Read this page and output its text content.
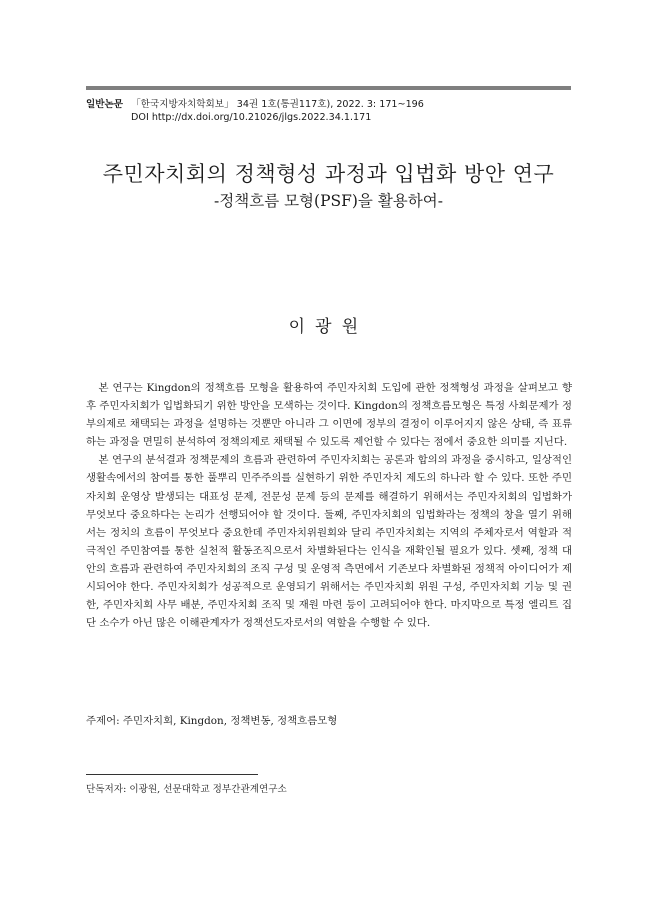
일반논문 「한국지방자치학회보」 34권 1호(통권117호), 2022. 3: 171~196
DOI http://dx.doi.org/10.21026/jlgs.2022.34.1.171
주민자치회의 정책형성 과정과 입법화 방안 연구
-정책흐름 모형(PSF)을 활용하여-
이광원

본 연구는 Kingdon의 정책흐름 모형을 활용하여 주민자치회 도입에 관한 정책형성 과정을 살펴보고 향후 주민자치회가 입법화되기 위한 방안을 모색하는 것이다. Kingdon의 정책흐름모형은 특정 사회문제가 정부의제로 채택되는 과정을 설명하는 것뿐만 아니라 그 이면에 정부의 결정이 이루어지지 않은 상태, 즉 표류하는 과정을 면밀히 분석하여 정책의제로 채택될 수 있도록 제언할 수 있다는 점에서 중요한 의미를 지닌다.

본 연구의 분석결과 정책문제의 흐름과 관련하여 주민자치회는 공론과 합의의 과정을 중시하고, 일상적인 생활속에서의 참여를 통한 풀뿌리 민주주의를 실현하기 위한 주민자치 제도의 하나라 할 수 있다. 또한 주민자치회 운영상 발생되는 대표성 문제, 전문성 문제 등의 문제를 해결하기 위해서는 주민자치회의 입법화가 무엇보다 중요하다는 논리가 선행되어야 할 것이다. 둘째, 주민자치회의 입법화라는 정책의 창을 열기 위해서는 정치의 흐름이 무엇보다 중요한데 주민자치위원회와 달리 주민자치회는 지역의 주체자로서 역할과 적극적인 주민참여를 통한 실천적 활동조직으로서 차별화된다는 인식을 재확인될 필요가 있다. 셋째, 정책 대안의 흐름과 관련하여 주민자치회의 조직 구성 및 운영적 측면에서 기존보다 차별화된 정책적 아이디어가 제시되어야 한다. 주민자치회가 성공적으로 운영되기 위해서는 주민자치회 위원 구성, 주민자치회 기능 및 권한, 주민자치회 사무 배분, 주민자치회 조직 및 재원 마련 등이 고려되어야 한다. 마지막으로 특정 엘리트 집단 소수가 아닌 많은 이해관계자가 정책선도자로서의 역할을 수행할 수 있다.

주제어: 주민자치회, Kingdon, 정책변동, 정책흐름모형
단독저자: 이광원, 선문대학교 정부간관계연구소
